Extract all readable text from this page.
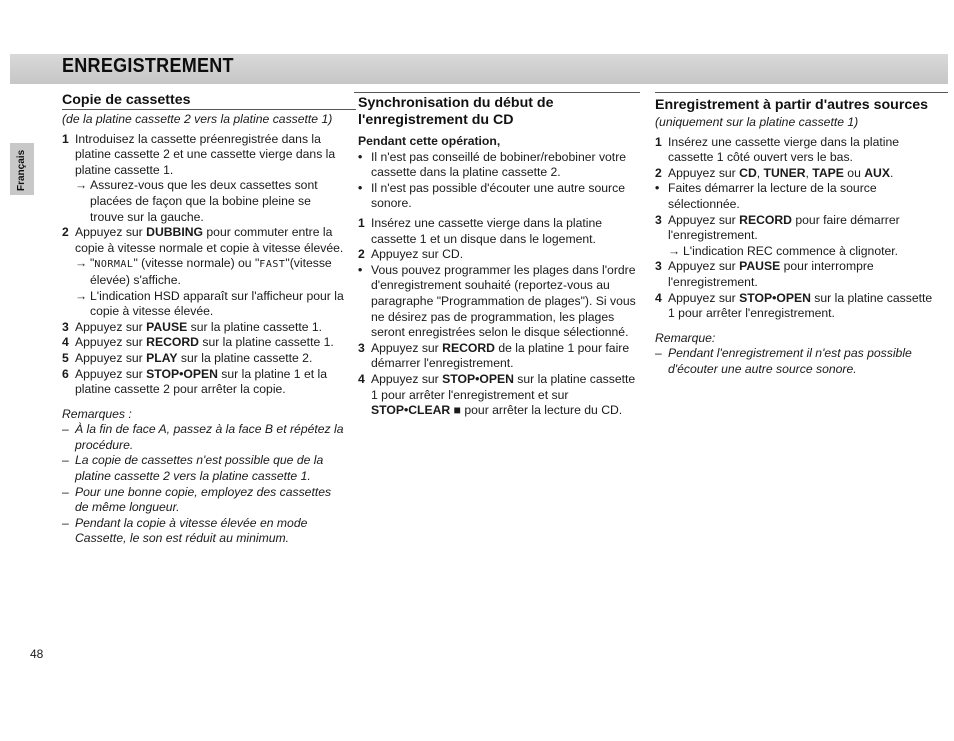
ENREGISTREMENT
Français
Copie de cassettes
(de la platine cassette 2 vers la platine cassette 1)
1 Introduisez la cassette préenregistrée dans la platine cassette 2 et une cassette vierge dans la platine cassette 1.
→ Assurez-vous que les deux cassettes sont placées de façon que la bobine pleine se trouve sur la gauche.
2 Appuyez sur DUBBING pour commuter entre la copie à vitesse normale et copie à vitesse élevée.
→ "NORMAL" (vitesse normale) ou "FAST"(vitesse élevée) s'affiche.
→ L'indication HSD apparaît sur l'afficheur pour la copie à vitesse élevée.
3 Appuyez sur PAUSE sur la platine cassette 1.
4 Appuyez sur RECORD sur la platine cassette 1.
5 Appuyez sur PLAY sur la platine cassette 2.
6 Appuyez sur STOP•OPEN sur la platine 1 et la platine cassette 2 pour arrêter la copie.
Remarques :
– À la fin de face A, passez à la face B et répétez la procédure.
– La copie de cassettes n'est possible que de la platine cassette 2 vers la platine cassette 1.
– Pour une bonne copie, employez des cassettes de même longueur.
– Pendant la copie à vitesse élevée en mode Cassette, le son est réduit au minimum.
Synchronisation du début de l'enregistrement du CD
Pendant cette opération,
• Il n'est pas conseillé de bobiner/rebobiner votre cassette dans la platine cassette 2.
• Il n'est pas possible d'écouter une autre source sonore.
1 Insérez une cassette vierge dans la platine cassette 1 et un disque dans le logement.
2 Appuyez sur CD.
• Vous pouvez programmer les plages dans l'ordre d'enregistrement souhaité (reportez-vous au paragraphe "Programmation de plages"). Si vous ne désirez pas de programmation, les plages seront enregistrées selon le disque sélectionné.
3 Appuyez sur RECORD de la platine 1 pour faire démarrer l'enregistrement.
4 Appuyez sur STOP•OPEN sur la platine cassette 1 pour arrêter l'enregistrement et sur STOP•CLEAR ■ pour arrêter la lecture du CD.
Enregistrement à partir d'autres sources
(uniquement sur la platine cassette 1)
1 Insérez une cassette vierge dans la platine cassette 1 côté ouvert vers le bas.
2 Appuyez sur CD, TUNER, TAPE ou AUX.
• Faites démarrer la lecture de la source sélectionnée.
3 Appuyez sur RECORD pour faire démarrer l'enregistrement.
→ L'indication REC commence à clignoter.
3 Appuyez sur PAUSE pour interrompre l'enregistrement.
4 Appuyez sur STOP•OPEN sur la platine cassette 1 pour arrêter l'enregistrement.
Remarque:
– Pendant l'enregistrement il n'est pas possible d'écouter une autre source sonore.
48
